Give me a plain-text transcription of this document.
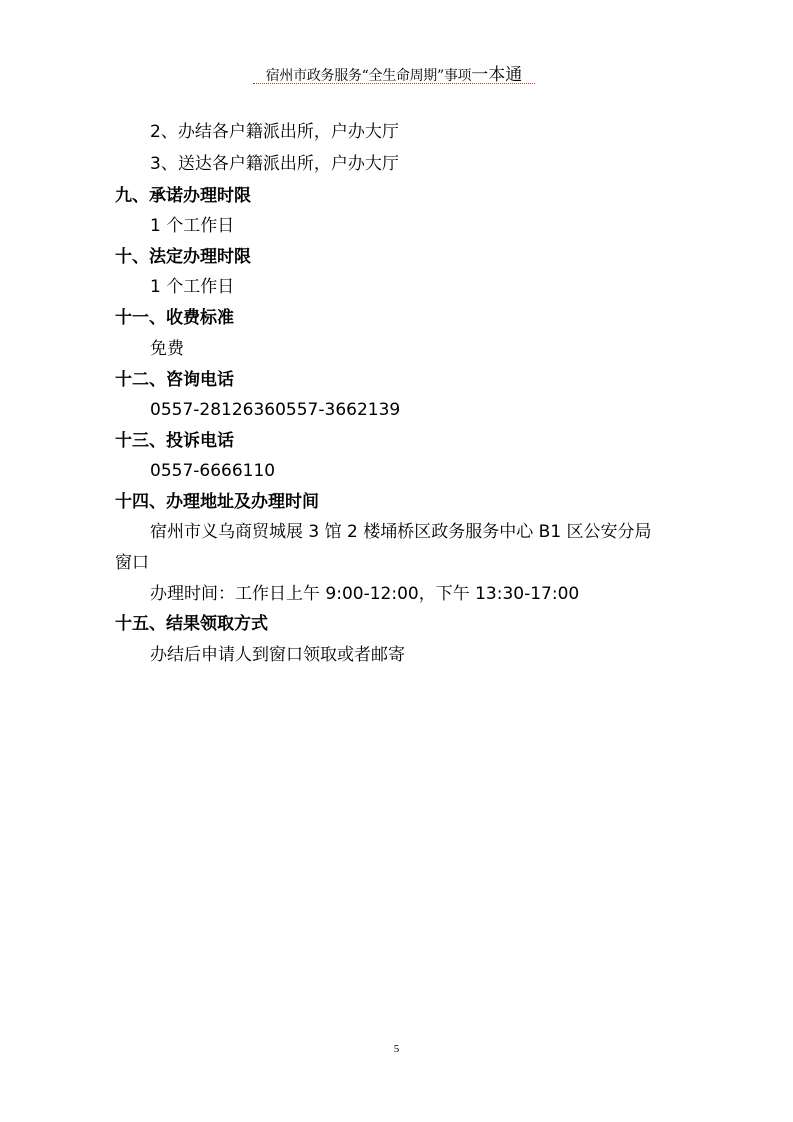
宿州市政务服务“全生命周期”事项一本通
2、办结各户籍派出所，户办大厅
3、送达各户籍派出所，户办大厅
九、承诺办理时限
1 个工作日
十、法定办理时限
1 个工作日
十一、收费标准
免费
十二、咨询电话
0557-28126360557-3662139
十三、投诉电话
0557-6666110
十四、办理地址及办理时间
宿州市义乌商贸城展 3 馆 2 楼埇桥区政务服务中心 B1 区公安分局
窗口
办理时间：工作日上午 9:00-12:00，下午 13:30-17:00
十五、结果领取方式
办结后申请人到窗口领取或者邮寄
5
